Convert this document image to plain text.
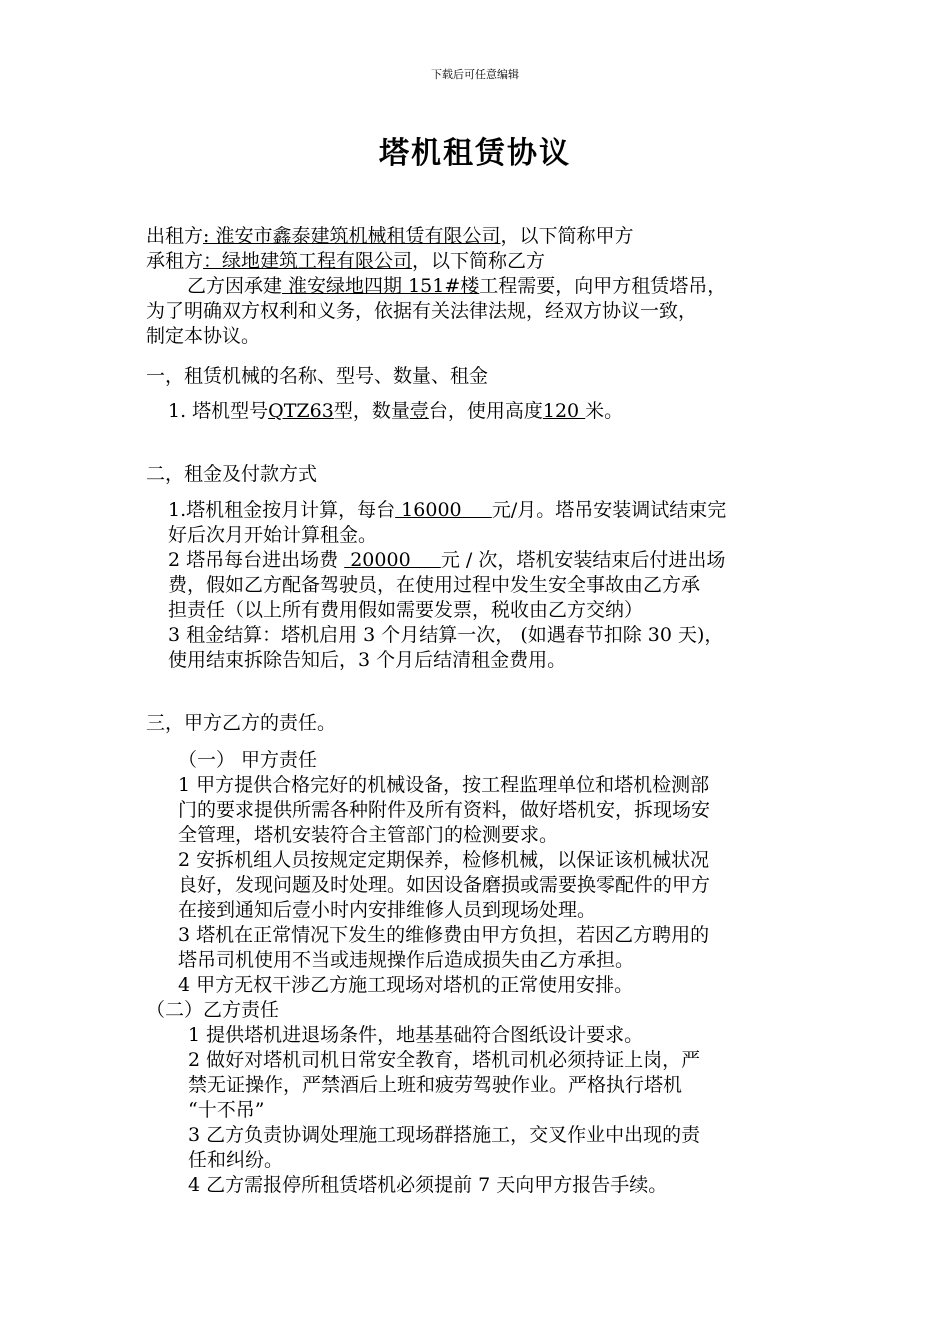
下载后可任意编辑
塔机租赁协议
出租方: 淮安市鑫泰建筑机械租赁有限公司，以下简称甲方
承租方：绿地建筑工程有限公司，以下简称乙方
乙方因承建 淮安绿地四期 151#楼工程需要，向甲方租赁塔吊，
为了明确双方权利和义务，依据有关法律法规，经双方协议一致，
制定本协议。
一，租赁机械的名称、型号、数量、租金
1. 塔机型号QTZ63型，数量壹台，使用高度120 米。
二，租金及付款方式
1.塔机租金按月计算，每台 16000     元/月。塔吊安装调试结束完
好后次月开始计算租金。
2 塔吊每台进出场费  20000     元 / 次，塔机安装结束后付进出场
费，假如乙方配备驾驶员，在使用过程中发生安全事故由乙方承
担责任（以上所有费用假如需要发票，税收由乙方交纳）
3 租金结算：塔机启用 3 个月结算一次， (如遇春节扣除 30 天)，
使用结束拆除告知后，3 个月后结清租金费用。
三，甲方乙方的责任。
（一） 甲方责任
1 甲方提供合格完好的机械设备，按工程监理单位和塔机检测部
门的要求提供所需各种附件及所有资料，做好塔机安，拆现场安
全管理，塔机安装符合主管部门的检测要求。
2 安拆机组人员按规定定期保养，检修机械，以保证该机械状况
良好，发现问题及时处理。如因设备磨损或需要换零配件的甲方
在接到通知后壹小时内安排维修人员到现场处理。
3 塔机在正常情况下发生的维修费由甲方负担，若因乙方聘用的
塔吊司机使用不当或违规操作后造成损失由乙方承担。
4 甲方无权干涉乙方施工现场对塔机的正常使用安排。
（二）乙方责任
1 提供塔机进退场条件，地基基础符合图纸设计要求。
2 做好对塔机司机日常安全教育，塔机司机必须持证上岗，严
禁无证操作，严禁酒后上班和疲劳驾驶作业。严格执行塔机
“十不吊”
3 乙方负责协调处理施工现场群搭施工，交叉作业中出现的责
任和纠纷。
4 乙方需报停所租赁塔机必须提前 7 天向甲方报告手续。
